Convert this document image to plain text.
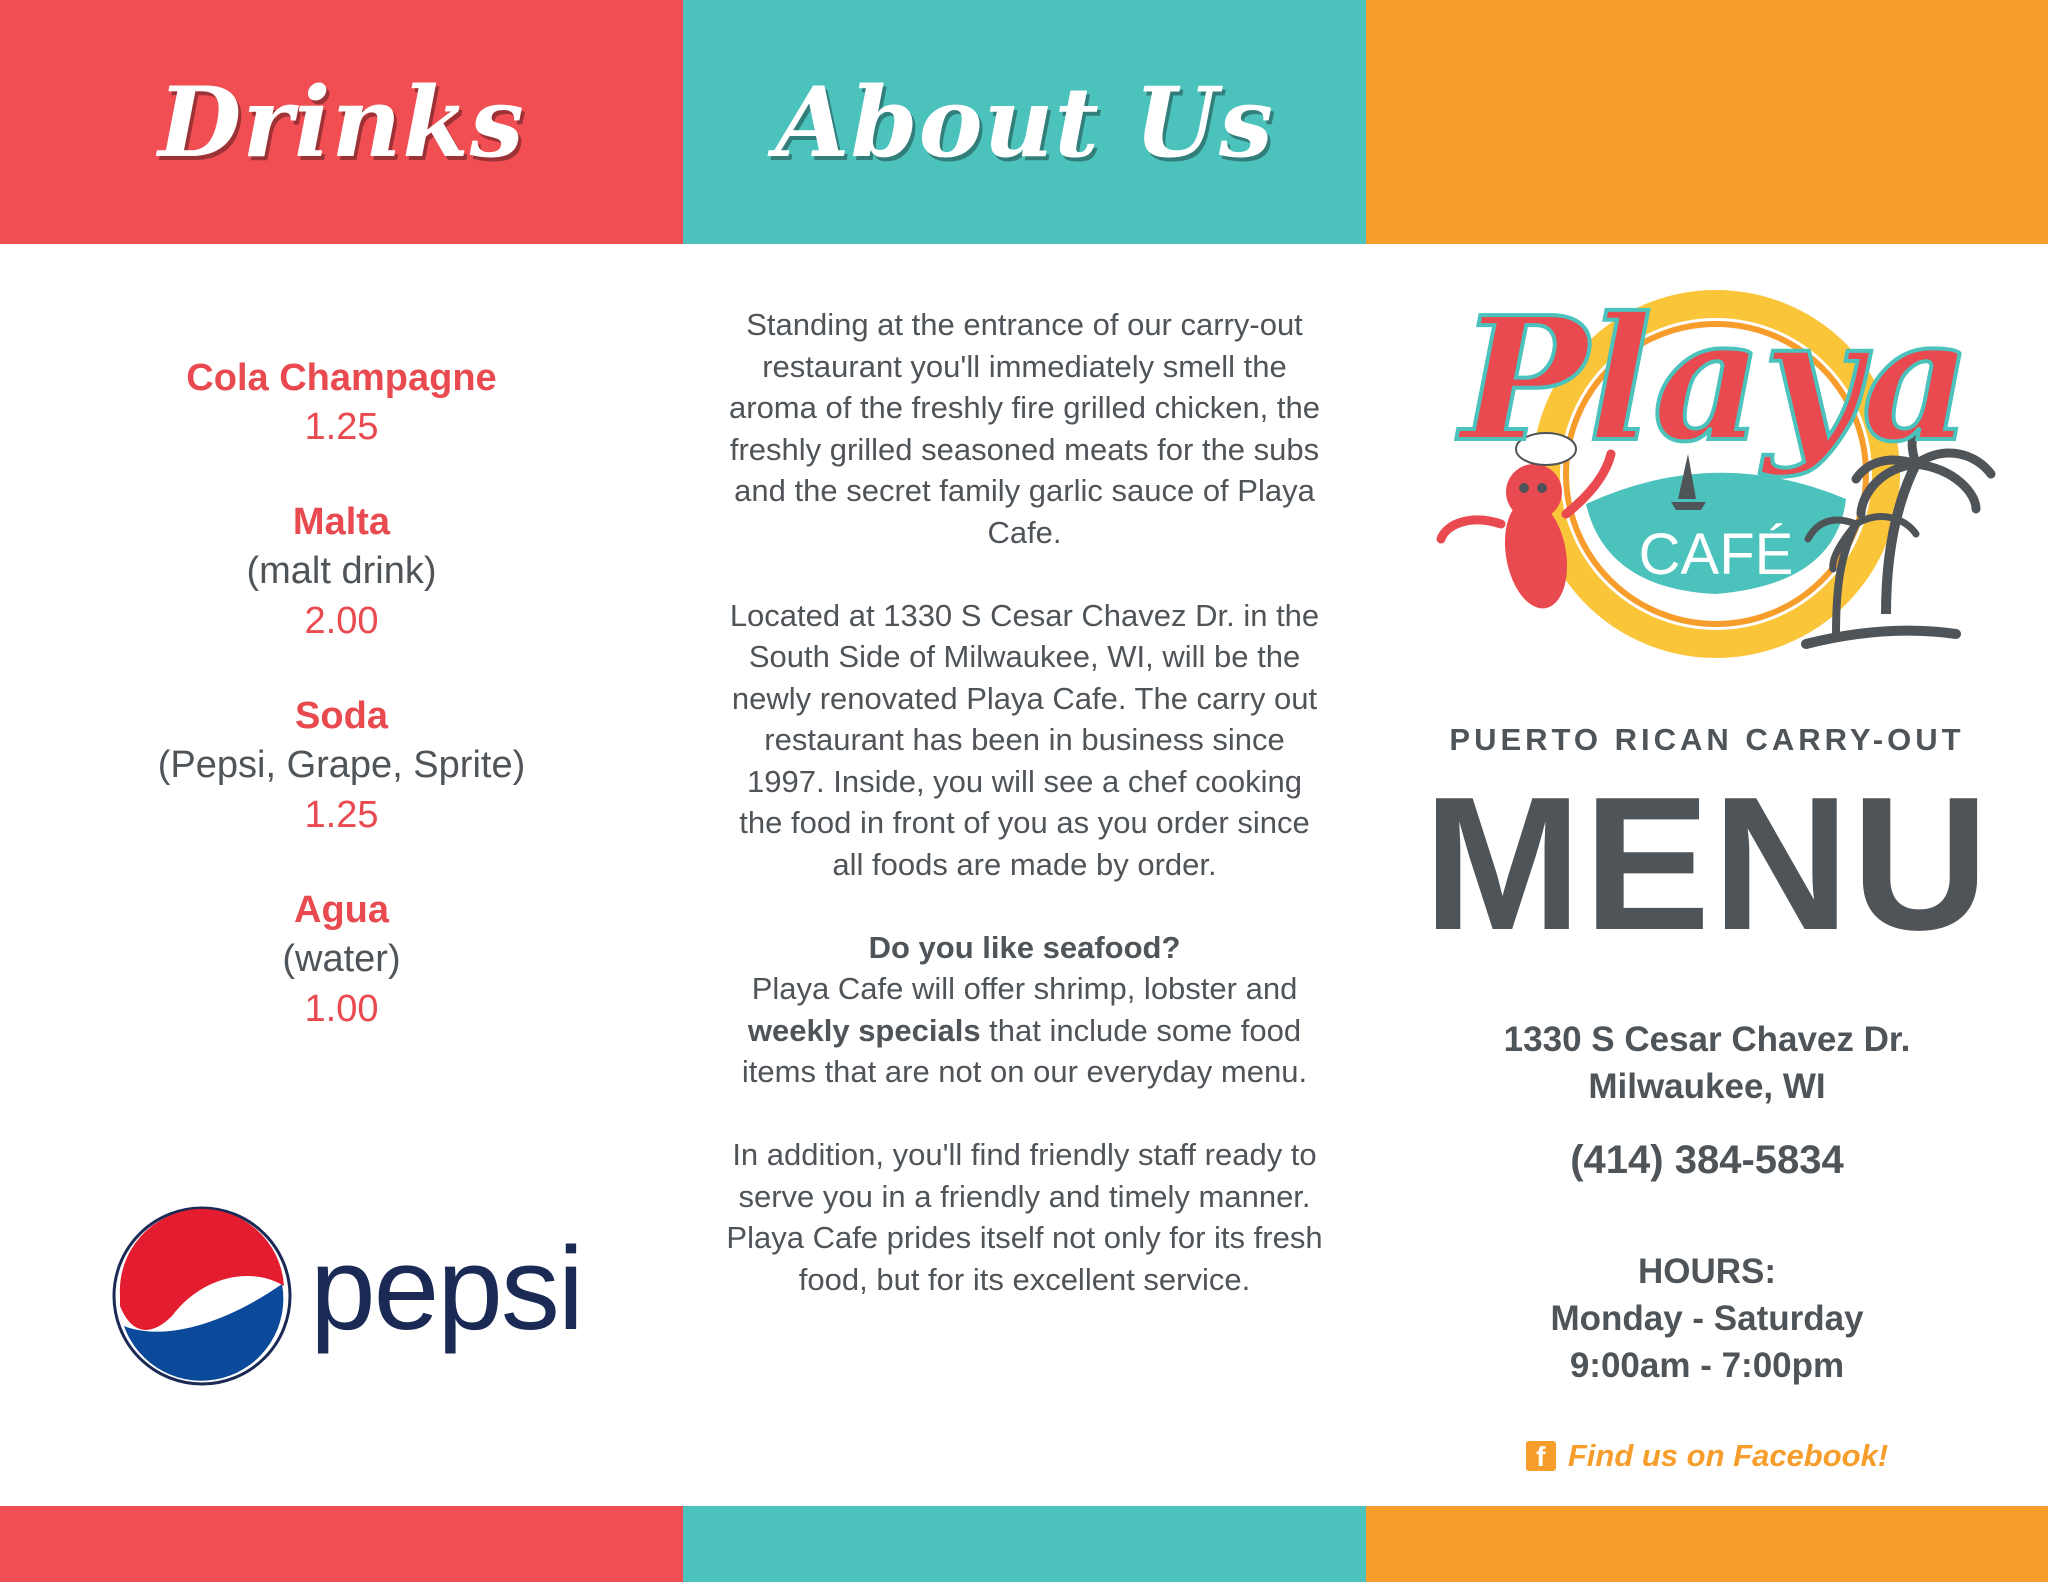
Drinks	About Us
Cola Champagne
1.25
Malta
(malt drink)
2.00
Soda
(Pepsi, Grape, Sprite)
1.25
Agua
(water)
1.00
pepsi

Standing at the entrance of our carry-out restaurant you'll immediately smell the aroma of the freshly fire grilled chicken, the freshly grilled seasoned meats for the subs and the secret family garlic sauce of Playa Cafe.

Located at 1330 S Cesar Chavez Dr. in the South Side of Milwaukee, WI, will be the newly renovated Playa Cafe. The carry out restaurant has been in business since 1997. Inside, you will see a chef cooking the food in front of you as you order since all foods are made by order.

Do you like seafood?
Playa Cafe will offer shrimp, lobster and weekly specials that include some food items that are not on our everyday menu.

In addition, you'll find friendly staff ready to serve you in a friendly and timely manner. Playa Cafe prides itself not only for its fresh food, but for its excellent service.

Playa
CAFÉ
PUERTO RICAN CARRY-OUT
MENU
1330 S Cesar Chavez Dr.
Milwaukee, WI
(414) 384-5834
HOURS:
Monday - Saturday
9:00am - 7:00pm
f Find us on Facebook!
